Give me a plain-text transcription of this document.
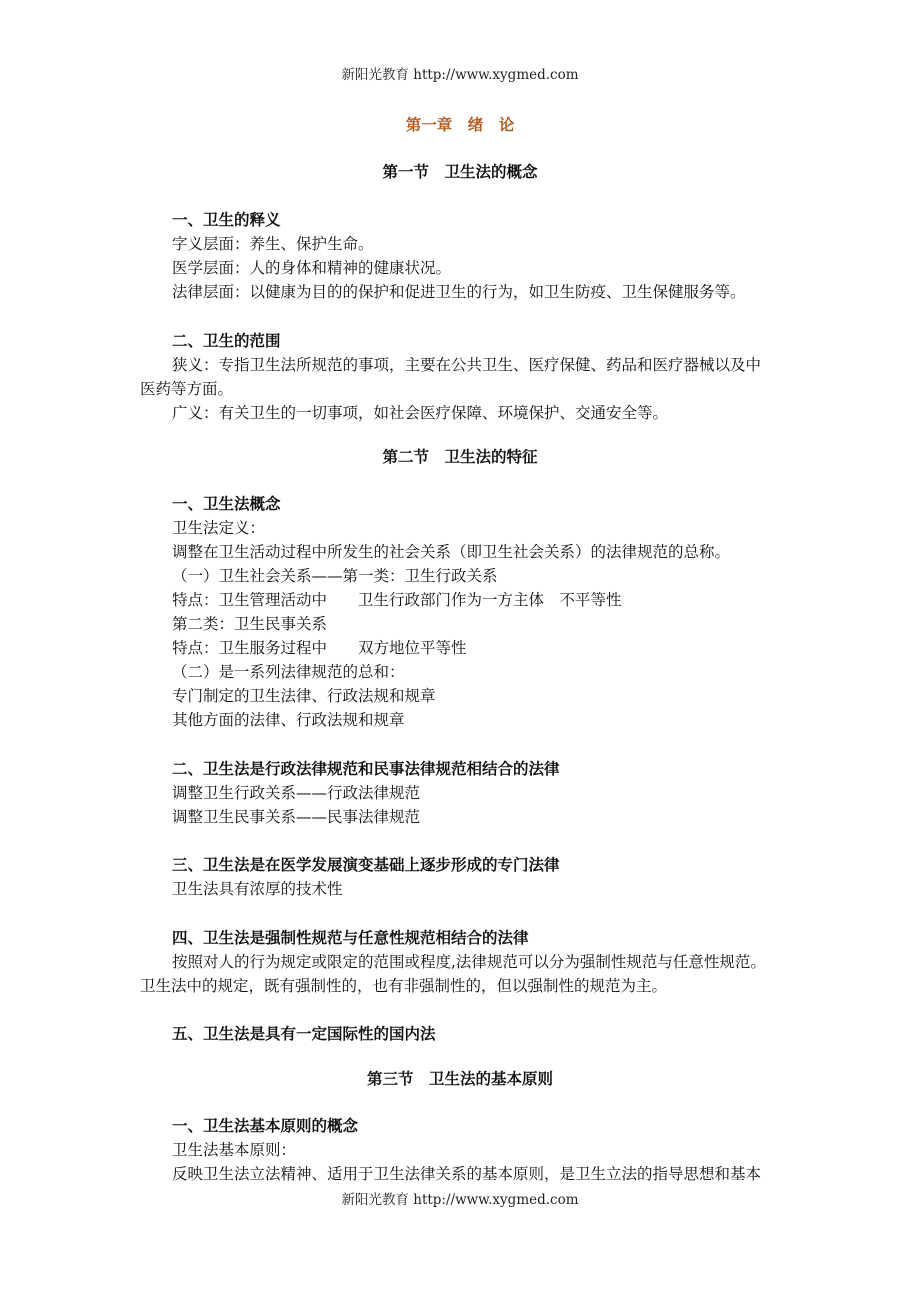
新阳光教育 http://www.xygmed.com
第一章　绪　论
第一节　卫生法的概念
一、卫生的释义
字义层面：养生、保护生命。
医学层面：人的身体和精神的健康状况。
法律层面：以健康为目的的保护和促进卫生的行为，如卫生防疫、卫生保健服务等。
二、卫生的范围
狭义：专指卫生法所规范的事项，主要在公共卫生、医疗保健、药品和医疗器械以及中
医药等方面。
广义：有关卫生的一切事项，如社会医疗保障、环境保护、交通安全等。
第二节　卫生法的特征
一、卫生法概念
卫生法定义：
调整在卫生活动过程中所发生的社会关系（即卫生社会关系）的法律规范的总称。
（一）卫生社会关系——第一类：卫生行政关系
特点：卫生管理活动中　　卫生行政部门作为一方主体　不平等性
第二类：卫生民事关系
特点：卫生服务过程中　　双方地位平等性
（二）是一系列法律规范的总和：
专门制定的卫生法律、行政法规和规章
其他方面的法律、行政法规和规章
二、卫生法是行政法律规范和民事法律规范相结合的法律
调整卫生行政关系——行政法律规范
调整卫生民事关系——民事法律规范
三、卫生法是在医学发展演变基础上逐步形成的专门法律
卫生法具有浓厚的技术性
四、卫生法是强制性规范与任意性规范相结合的法律
按照对人的行为规定或限定的范围或程度,法律规范可以分为强制性规范与任意性规范。
卫生法中的规定，既有强制性的，也有非强制性的，但以强制性的规范为主。
五、卫生法是具有一定国际性的国内法
第三节　卫生法的基本原则
一、卫生法基本原则的概念
卫生法基本原则：
反映卫生法立法精神、适用于卫生法律关系的基本原则，是卫生立法的指导思想和基本
新阳光教育 http://www.xygmed.com
